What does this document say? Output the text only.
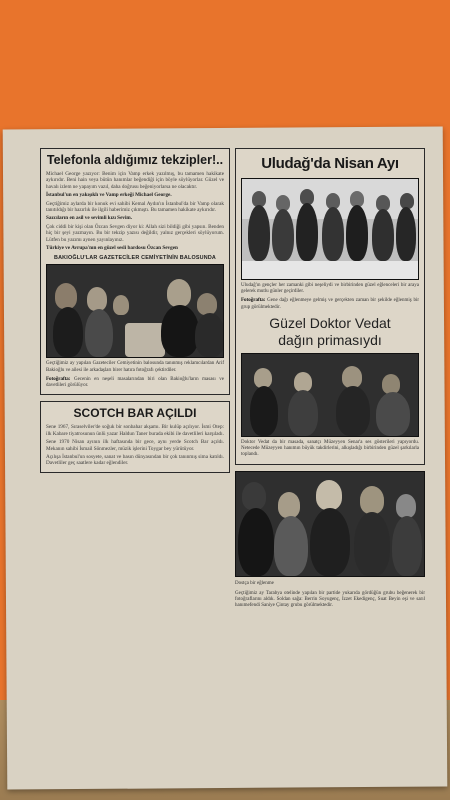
Telefonla aldığımız tekzipler!..
Michael George yazıyor: Benim için Vamp erkek yazılmış, bu tamamen hakikate aykırıdır. Beni hain veya bütün hanımlar beğendiği için böyle söylüyorlar. Güzel ve havalı izlem ne yapayım vazıl, daha doğrusu beğeniyorlarsa ne olacaktır.
İstanbul'un en yakışıklı ve Vamp erkeği Michael George.
Geçtiğimiz aylarda bir konuk evi sahibi Kemal Aydın'ın İstanbul'da bir Vamp olarak tanıtıldığı bir hazırlık ile ilgili haberimiz çıkmıştı. Bu tamamen hakikate aykırıdır.
Sazcıların en asil ve sevimli kızı Sevim.
Çok ciddi bir kişi olan Özcan Sevgen diyor ki: Allah sizi bildiği gibi yapsın. Benden hiç bir şeyi yazmayın. Bu bir tekzip yazısı değildir, yalnız gerçekleri söylüyorum. Lütfen bu yazımı aynen yayınlayınız.
Türkiye ve Avrupa'nın en güzel sesli bardosu Özcan Sevgen
BAKIOĞLU'LAR GAZETECİLER CEMİYETİNİN BALOSUNDA
Geçtiğimiz ay yapılan Gazeteciler Cemiyetinin balosunda tanınmış reklamcılardan Arif Bakioğlu ve ailesi ile arkadaşları birer hatıra fotoğrafı çektirdiler.
Fotoğrafta: Gecenin en neşeli masalarından biri olan Bakioğlu'ların masası ve davetlileri görülüyor.
SCOTCH BAR AÇILDI
Sene 1967, Sıraselviler'de soğuk bir sonbahar akşamı. Bir kulüp açılıyor. İsmi Otep: ilk Kabare tiyatrosunun ünlü yazar Haldun Taner burada ekibi ile davetlileri karşıladı.
Sene 1970 Nisan ayının ilk haftasında bir gece, aynı yerde Scotch Bar açıldı. Mekanın sahibi İsmail Sönmezler, müzik işlerini Toygar bey yürütüyor.
Açılışa İstanbul'un sosyete, sanat ve basın dünyasından bir çok tanınmış sima katıldı. Davetliler geç saatlere kadar eğlendiler.
Uludağ'da Nisan Ayı
Uludağ'ın gençler her zamanki gibi neşeliydi ve birbirinden güzel eğlenceleri bir araya gelerek mutlu günler geçirdiler.
Fotoğrafta: Gene dağı eğlenmeye gelmiş ve gerçekten zaman bir şekilde eğlenmiş bir grup görülmektedir.
Güzel Doktor Vedat
dağın primasıydı
Doktor Vedat da bir masada, sanatçı Müzeyyen Senar'a ses gösterileri yapıyordu. Netecede Müzeyyen hanımın büyük takdirlerini, alkışladığı birbirinden güzel şarkılarla toplandı.
Dostça bir eğlenme
Geçtiğimiz ay Tarabya otelinde yapılan bir partide yukarıda gördüğün grubu beğenerek bir fotoğraflarını aldık. Soldan sağa: Berrin Soyugenç, İzzet Ekedigenç, Suat Beyin eşi ve sarıl hanımefendi Saniye Çintay grubu görülmektedir.
